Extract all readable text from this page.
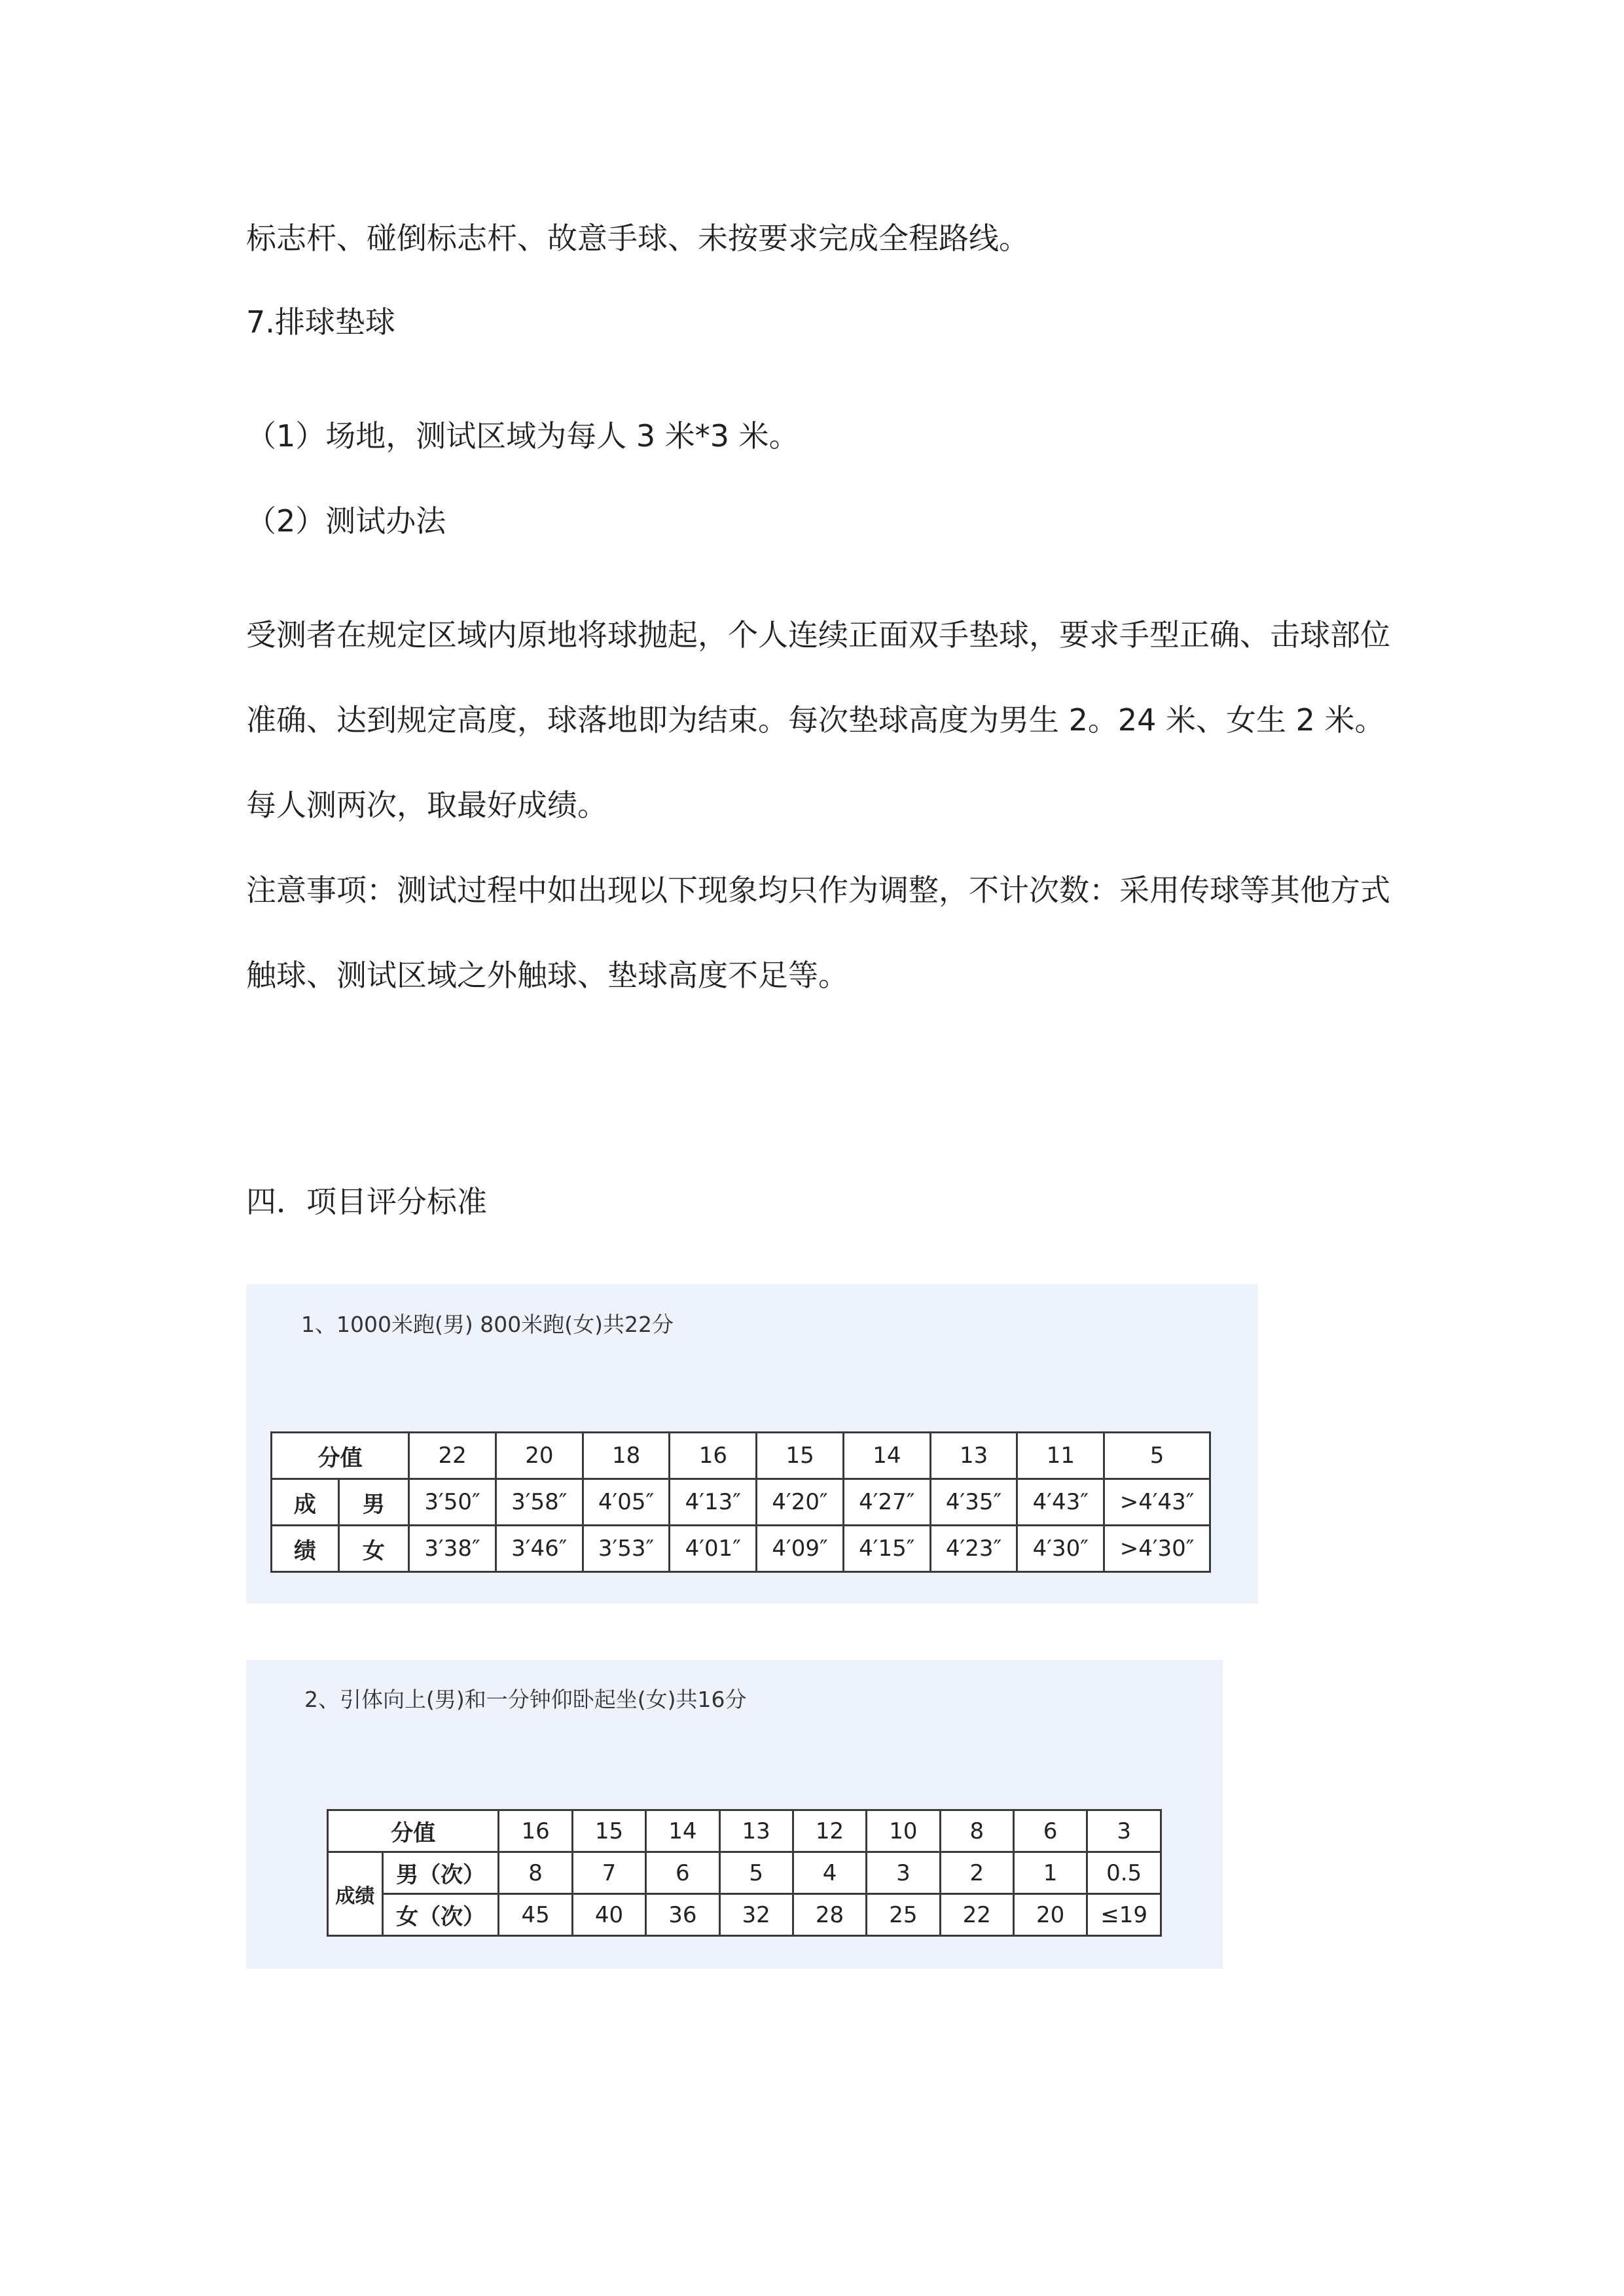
标志杆、碰倒标志杆、故意手球、未按要求完成全程路线。

7.排球垫球

（1）场地，测试区域为每人 3 米*3 米。

（2）测试办法

受测者在规定区域内原地将球抛起，个人连续正面双手垫球，要求手型正确、击球部位

准确、达到规定高度，球落地即为结束。每次垫球高度为男生 2。24 米、女生 2 米。

每人测两次，取最好成绩。

注意事项：测试过程中如出现以下现象均只作为调整，不计次数：采用传球等其他方式

触球、测试区域之外触球、垫球高度不足等。

四．项目评分标准

1、1000米跑(男) 800米跑(女)共22分
分值		22	20	18	16	15	14	13	11	5
成	男	3′50″	3′58″	4′05″	4′13″	4′20″	4′27″	4′35″	4′43″	>4′43″
绩	女	3′38″	3′46″	3′53″	4′01″	4′09″	4′15″	4′23″	4′30″	>4′30″
2、引体向上(男)和一分钟仰卧起坐(女)共16分
分值		16	15	14	13	12	10	8	6	3
成绩	男（次）	8	7	6	5	4	3	2	1	0.5
	女（次）	45	40	36	32	28	25	22	20	≤19
